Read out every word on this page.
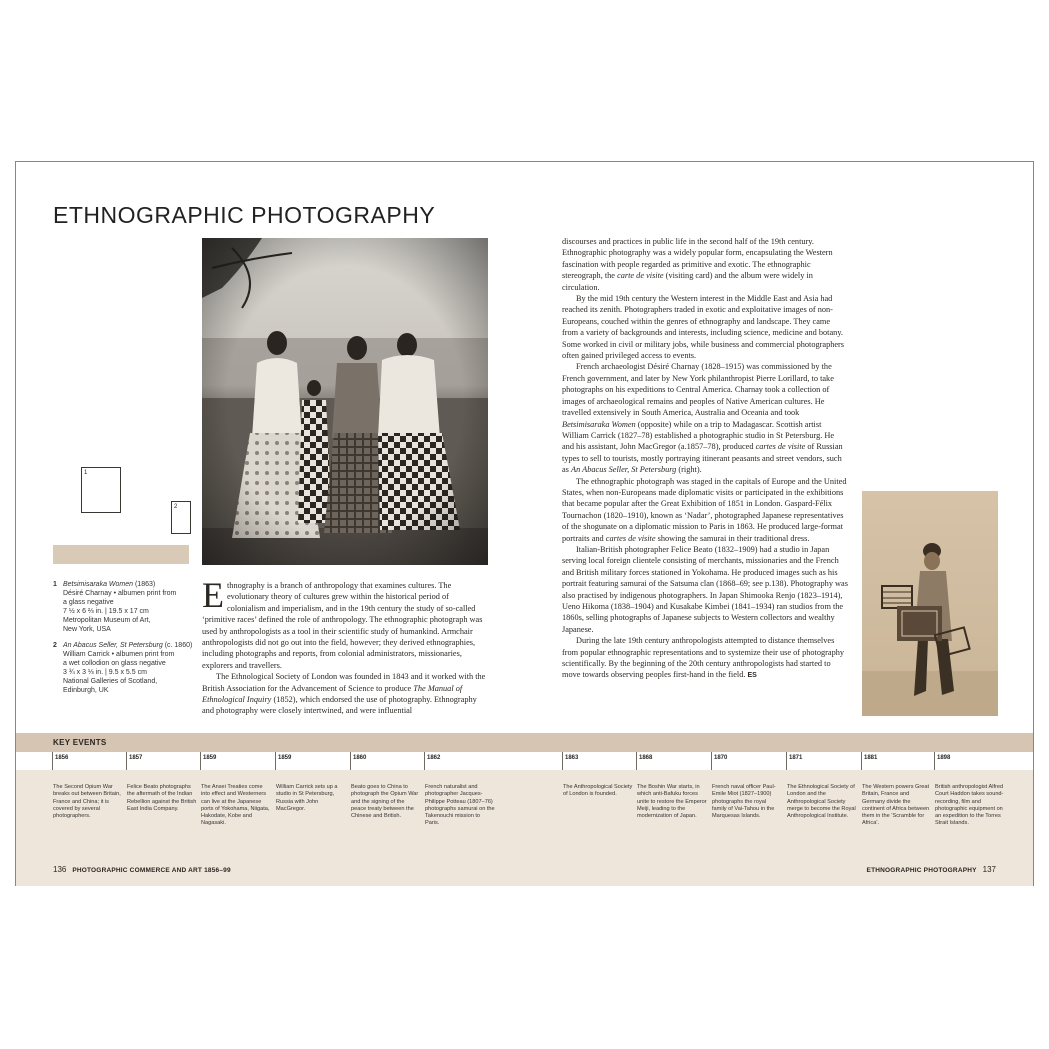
ETHNOGRAPHIC PHOTOGRAPHY
1
2
1 Betsimisaraka Women (1863)
Désiré Charnay • albumen print from
a glass negative
7 ½ x 6 ⅔ in. | 19.5 x 17 cm
Metropolitan Museum of Art,
New York, USA
2 An Abacus Seller, St Petersburg (c. 1860)
William Carrick • albumen print from
a wet collodion on glass negative
3 ¾ x 3 ⅓ in. | 9.5 x 5.5 cm
National Galleries of Scotland,
Edinburgh, UK

Ethnography is a branch of anthropology that examines cultures. The evolutionary theory of cultures grew within the historical period of colonialism and imperialism, and in the 19th century the study of so-called ‘primitive races’ defined the role of anthropology. The ethnographic photograph was used by anthropologists as a tool in their scientific study of humankind. Armchair anthropologists did not go out into the field, however; they derived ethnographies, including photographs and reports, from colonial administrators, missionaries, explorers and travellers.

The Ethnological Society of London was founded in 1843 and it worked with the British Association for the Advancement of Science to produce The Manual of Ethnological Inquiry (1852), which endorsed the use of photography. Ethnography and photography were closely intertwined, and were influential

discourses and practices in public life in the second half of the 19th century. Ethnographic photography was a widely popular form, encapsulating the Western fascination with people regarded as primitive and exotic. The ethnographic stereograph, the carte de visite (visiting card) and the album were widely in circulation.

By the mid 19th century the Western interest in the Middle East and Asia had reached its zenith. Photographers traded in exotic and exploitative images of non-Europeans, couched within the genres of ethnography and landscape. They came from a variety of backgrounds and interests, including science, medicine and botany. Some worked in civil or military jobs, while business and commercial photographers often gained privileged access to events.

French archaeologist Désiré Charnay (1828–1915) was commissioned by the French government, and later by New York philanthropist Pierre Lorillard, to take photographs on his expeditions to Central America. Charnay took a collection of images of archaeological remains and peoples of Native American cultures. He travelled extensively in South America, Australia and Oceania and took Betsimisaraka Women (opposite) while on a trip to Madagascar. Scottish artist William Carrick (1827–78) established a photographic studio in St Petersburg. He and his assistant, John MacGregor (a.1857–78), produced cartes de visite of Russian types to sell to tourists, mostly portraying itinerant peasants and street vendors, such as An Abacus Seller, St Petersburg (right).

The ethnographic photograph was staged in the capitals of Europe and the United States, when non-Europeans made diplomatic visits or participated in the exhibitions that became popular after the Great Exhibition of 1851 in London. Gaspard-Félix Tournachon (1820–1910), known as ‘Nadar’, photographed Japanese representatives of the shogunate on a diplomatic mission to Paris in 1863. He produced large-format portraits and cartes de visite showing the samurai in their traditional dress.

Italian-British photographer Felice Beato (1832–1909) had a studio in Japan serving local foreign clientele consisting of merchants, missionaries and the French and British military forces stationed in Yokohama. He produced images such as his portrait featuring samurai of the Satsuma clan (1868–69; see p.138). Photography was also practised by indigenous photographers. In Japan Shimooka Renjo (1823–1914), Ueno Hikoma (1838–1904) and Kusakabe Kimbei (1841–1934) ran studios from the 1860s, selling photographs of Japanese subjects to Western collectors and wealthy Japanese.

During the late 19th century anthropologists attempted to distance themselves from popular ethnographic representations and to systemize their use of photography scientifically. By the beginning of the 20th century anthropologists had started to move towards observing peoples first-hand in the field. ES

KEY EVENTS
1856
The Second Opium War breaks out between Britain, France and China; it is covered by several photographers.
1857
Felice Beato photographs the aftermath of the Indian Rebellion against the British East India Company.
1859
The Ansei Treaties come into effect and Westerners can live at the Japanese ports of Yokohama, Niigata, Hakodate, Kobe and Nagasaki.
1859
William Carrick sets up a studio in St Petersburg, Russia with John MacGregor.
1860
Beato goes to China to photograph the Opium War and the signing of the peace treaty between the Chinese and British.
1862
French naturalist and photographer Jacques-Philippe Potteau (1807–76) photographs samurai on the Takenouchi mission to Paris.
1863
The Anthropological Society of London is founded.
1868
The Boshin War starts, in which anti-Bafuku forces unite to restore the Emperor Meiji, leading to the modernization of Japan.
1870
French naval officer Paul-Emile Miot (1827–1900) photographs the royal family of Vai-Tahou in the Marquesas Islands.
1871
The Ethnological Society of London and the Anthropological Society merge to become the Royal Anthropological Institute.
1881
The Western powers Great Britain, France and Germany divide the continent of Africa between them in the ‘Scramble for Africa’.
1898
British anthropologist Alfred Court Haddon takes sound-recording, film and photographic equipment on an expedition to the Torres Strait Islands.
136 PHOTOGRAPHIC COMMERCE AND ART 1856–99	ETHNOGRAPHIC PHOTOGRAPHY 137
